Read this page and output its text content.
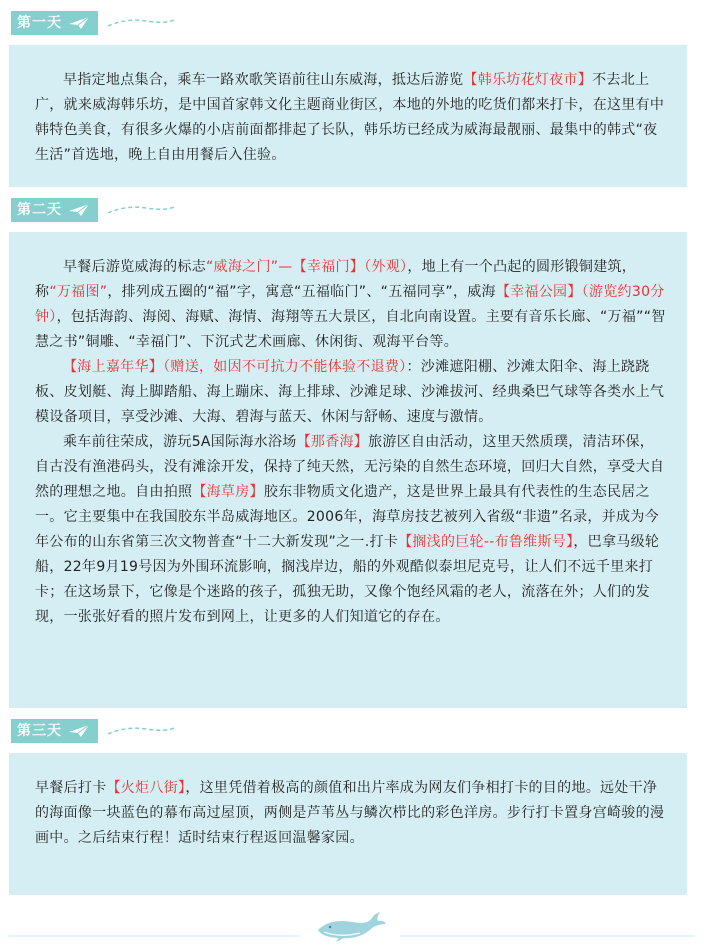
第一天

早指定地点集合，乘车一路欢歌笑语前往山东威海，抵达后游览【韩乐坊花灯夜市】不去北上广，就来威海韩乐坊，是中国首家韩文化主题商业街区，本地的外地的吃货们都来打卡，在这里有中韩特色美食，有很多火爆的小店前面都排起了长队，韩乐坊已经成为威海最靓丽、最集中的韩式“夜生活”首选地，晚上自由用餐后入住验。

第二天

早餐后游览威海的标志“威海之门”—【幸福门】（外观），地上有一个凸起的圆形锻铜建筑，称“万福图”，排列成五圈的“福”字，寓意“五福临门”、“五福同享”，威海【幸福公园】（游览约30分钟），包括海韵、海阅、海赋、海情、海翔等五大景区，自北向南设置。主要有音乐长廊、“万福”“智慧之书”铜雕、“幸福门”、下沉式艺术画廊、休闲街、观海平台等。

【海上嘉年华】（赠送，如因不可抗力不能体验不退费）：沙滩遮阳棚、沙滩太阳伞、海上跷跷板、皮划艇、海上脚踏船、海上蹦床、海上排球、沙滩足球、沙滩拔河、经典桑巴气球等各类水上气模设备项目，享受沙滩、大海、碧海与蓝天、休闲与舒畅、速度与激情。

乘车前往荣成，游玩5A国际海水浴场【那香海】旅游区自由活动，这里天然质璞，清洁环保，自古没有渔港码头，没有滩涂开发，保持了纯天然，无污染的自然生态环境，回归大自然，享受大自然的理想之地。自由拍照【海草房】胶东非物质文化遗产，这是世界上最具有代表性的生态民居之一。它主要集中在我国胶东半岛威海地区。2006年，海草房技艺被列入省级“非遗”名录，并成为今年公布的山东省第三次文物普查“十二大新发现”之一.打卡【搁浅的巨轮--布鲁维斯号】，巴拿马级轮船，22年9月19号因为外围环流影响，搁浅岸边，船的外观酷似泰坦尼克号，让人们不远千里来打卡；在这场景下，它像是个迷路的孩子，孤独无助，又像个饱经风霜的老人，流落在外；人们的发现，一张张好看的照片发布到网上，让更多的人们知道它的存在。

第三天

早餐后打卡【火炬八街】，这里凭借着极高的颜值和出片率成为网友们争相打卡的目的地。远处干净的海面像一块蓝色的幕布高过屋顶，两侧是芦苇丛与鳞次栉比的彩色洋房。步行打卡置身宫崎骏的漫画中。之后结束行程！适时结束行程返回温馨家园。
